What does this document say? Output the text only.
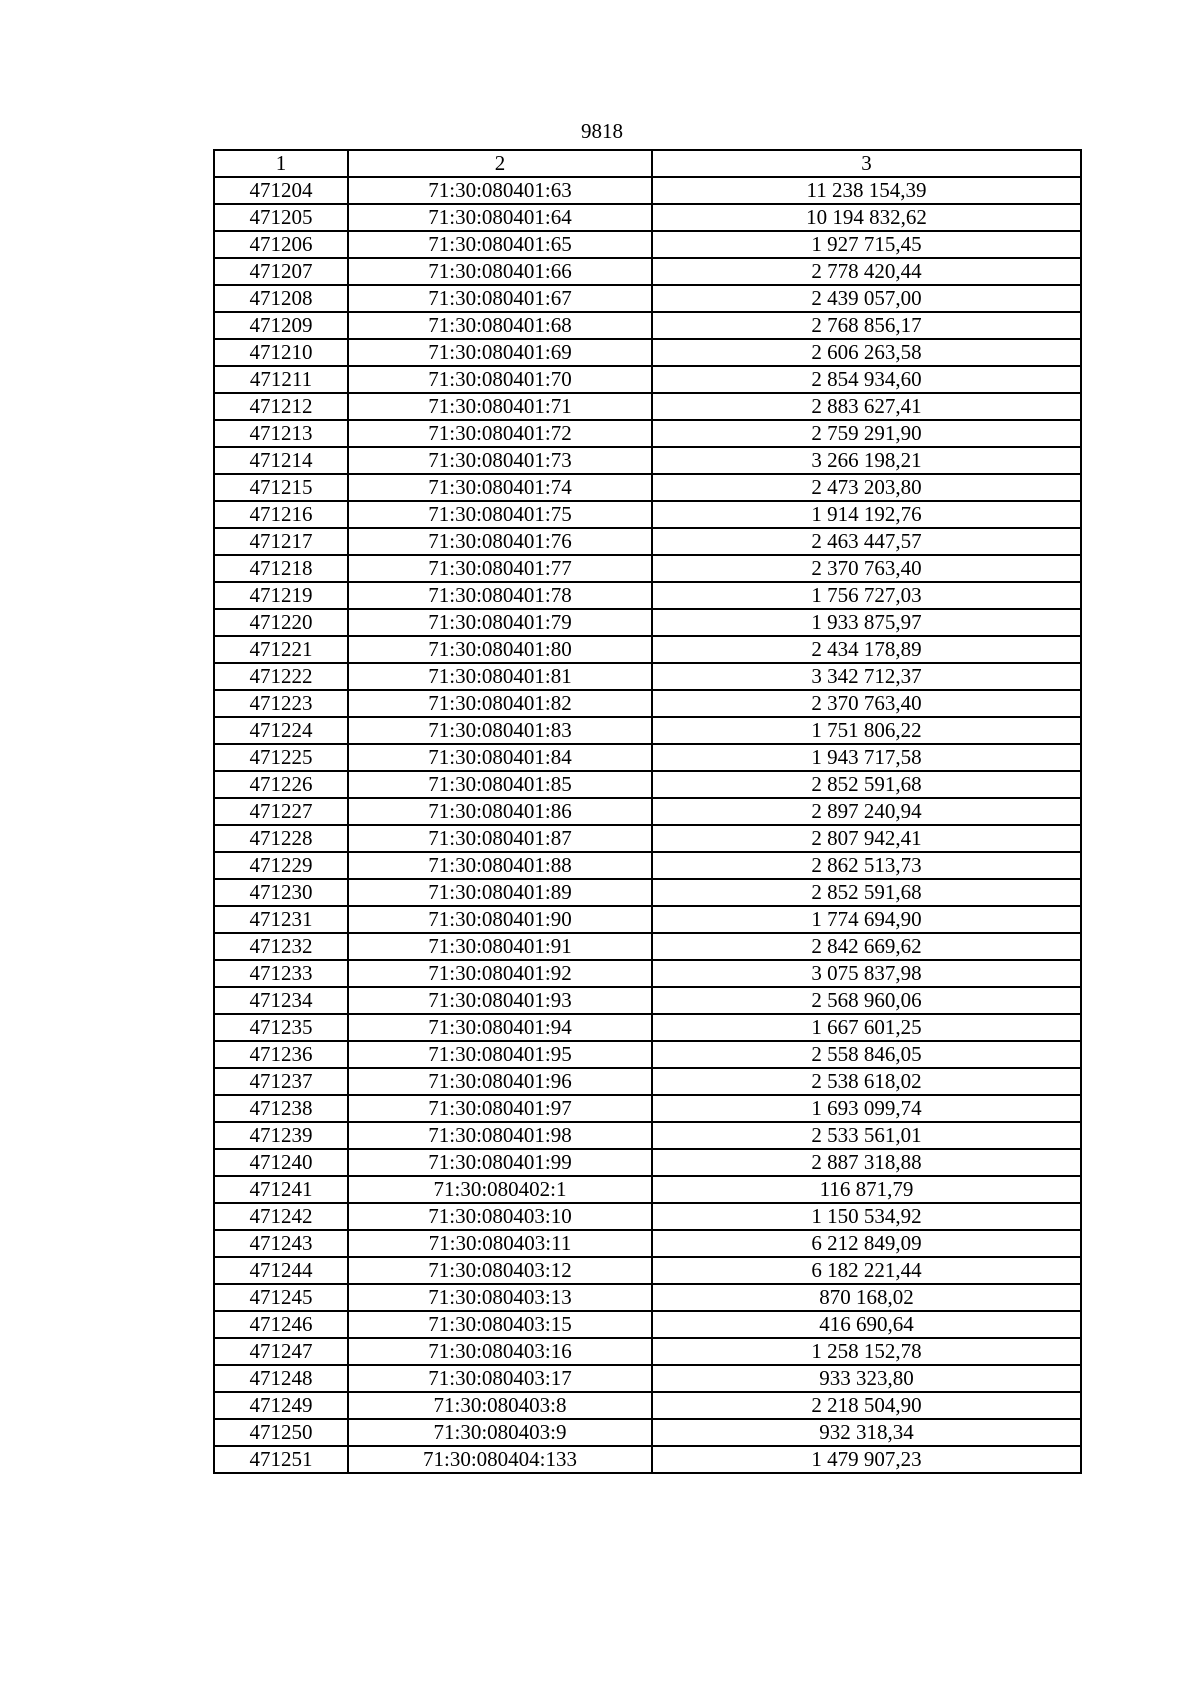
9818
1	2	3
471204	71:30:080401:63	11 238 154,39
471205	71:30:080401:64	10 194 832,62
471206	71:30:080401:65	1 927 715,45
471207	71:30:080401:66	2 778 420,44
471208	71:30:080401:67	2 439 057,00
471209	71:30:080401:68	2 768 856,17
471210	71:30:080401:69	2 606 263,58
471211	71:30:080401:70	2 854 934,60
471212	71:30:080401:71	2 883 627,41
471213	71:30:080401:72	2 759 291,90
471214	71:30:080401:73	3 266 198,21
471215	71:30:080401:74	2 473 203,80
471216	71:30:080401:75	1 914 192,76
471217	71:30:080401:76	2 463 447,57
471218	71:30:080401:77	2 370 763,40
471219	71:30:080401:78	1 756 727,03
471220	71:30:080401:79	1 933 875,97
471221	71:30:080401:80	2 434 178,89
471222	71:30:080401:81	3 342 712,37
471223	71:30:080401:82	2 370 763,40
471224	71:30:080401:83	1 751 806,22
471225	71:30:080401:84	1 943 717,58
471226	71:30:080401:85	2 852 591,68
471227	71:30:080401:86	2 897 240,94
471228	71:30:080401:87	2 807 942,41
471229	71:30:080401:88	2 862 513,73
471230	71:30:080401:89	2 852 591,68
471231	71:30:080401:90	1 774 694,90
471232	71:30:080401:91	2 842 669,62
471233	71:30:080401:92	3 075 837,98
471234	71:30:080401:93	2 568 960,06
471235	71:30:080401:94	1 667 601,25
471236	71:30:080401:95	2 558 846,05
471237	71:30:080401:96	2 538 618,02
471238	71:30:080401:97	1 693 099,74
471239	71:30:080401:98	2 533 561,01
471240	71:30:080401:99	2 887 318,88
471241	71:30:080402:1	116 871,79
471242	71:30:080403:10	1 150 534,92
471243	71:30:080403:11	6 212 849,09
471244	71:30:080403:12	6 182 221,44
471245	71:30:080403:13	870 168,02
471246	71:30:080403:15	416 690,64
471247	71:30:080403:16	1 258 152,78
471248	71:30:080403:17	933 323,80
471249	71:30:080403:8	2 218 504,90
471250	71:30:080403:9	932 318,34
471251	71:30:080404:133	1 479 907,23
